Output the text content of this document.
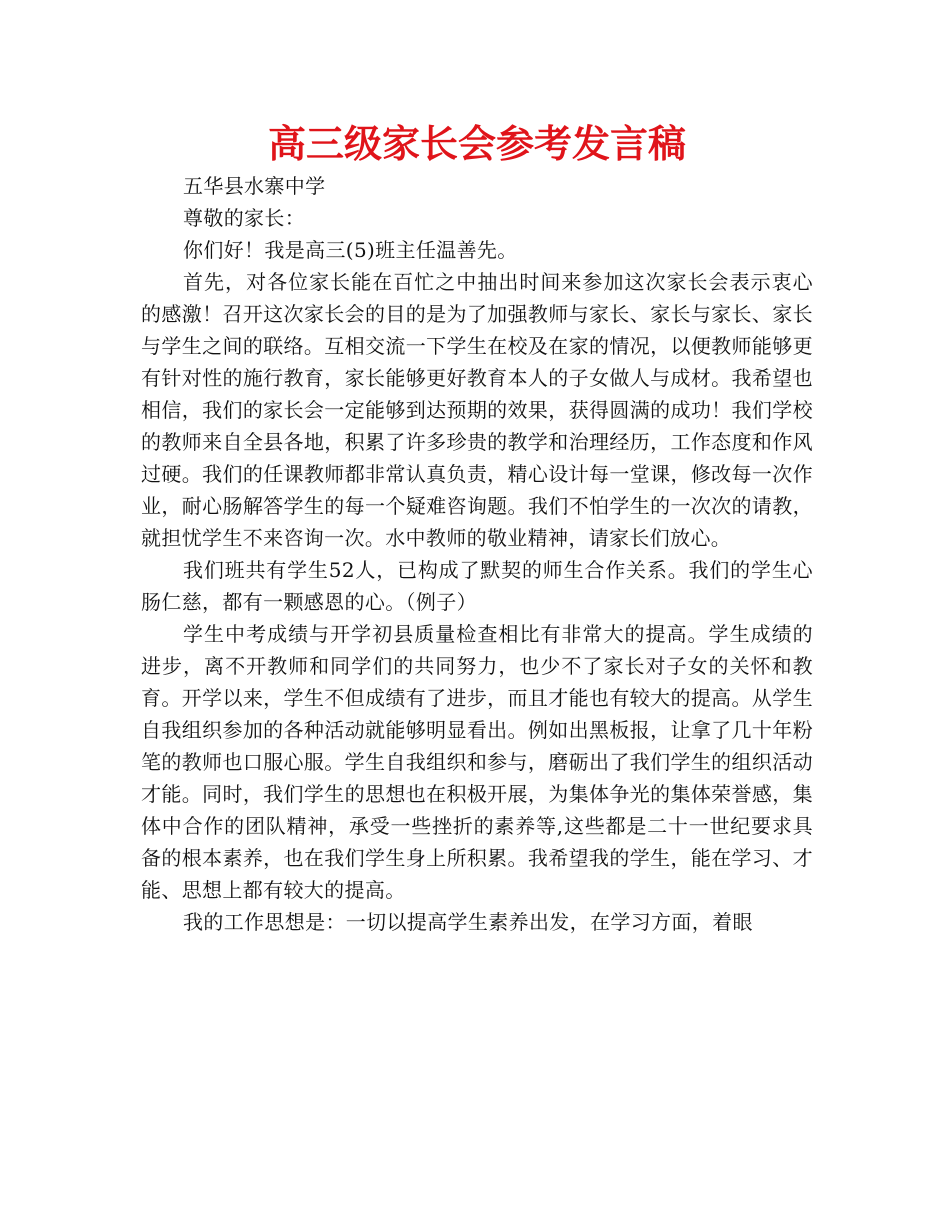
高三级家长会参考发言稿

五华县水寨中学

尊敬的家长：

你们好！我是高三(5)班主任温善先。

首先，对各位家长能在百忙之中抽出时间来参加这次家长会表示衷心的感激！召开这次家长会的目的是为了加强教师与家长、家长与家长、家长与学生之间的联络。互相交流一下学生在校及在家的情况，以便教师能够更有针对性的施行教育，家长能够更好教育本人的子女做人与成材。我希望也相信，我们的家长会一定能够到达预期的效果，获得圆满的成功！我们学校的教师来自全县各地，积累了许多珍贵的教学和治理经历，工作态度和作风过硬。我们的任课教师都非常认真负责，精心设计每一堂课，修改每一次作业，耐心肠解答学生的每一个疑难咨询题。我们不怕学生的一次次的请教，就担忧学生不来咨询一次。水中教师的敬业精神，请家长们放心。

我们班共有学生52人，已构成了默契的师生合作关系。我们的学生心肠仁慈，都有一颗感恩的心。（例子）

学生中考成绩与开学初县质量检查相比有非常大的提高。学生成绩的进步，离不开教师和同学们的共同努力，也少不了家长对子女的关怀和教育。开学以来，学生不但成绩有了进步，而且才能也有较大的提高。从学生自我组织参加的各种活动就能够明显看出。例如出黑板报，让拿了几十年粉笔的教师也口服心服。学生自我组织和参与，磨砺出了我们学生的组织活动才能。同时，我们学生的思想也在积极开展，为集体争光的集体荣誉感，集体中合作的团队精神，承受一些挫折的素养等,这些都是二十一世纪要求具备的根本素养，也在我们学生身上所积累。我希望我的学生，能在学习、才能、思想上都有较大的提高。

我的工作思想是：一切以提高学生素养出发，在学习方面，着眼
